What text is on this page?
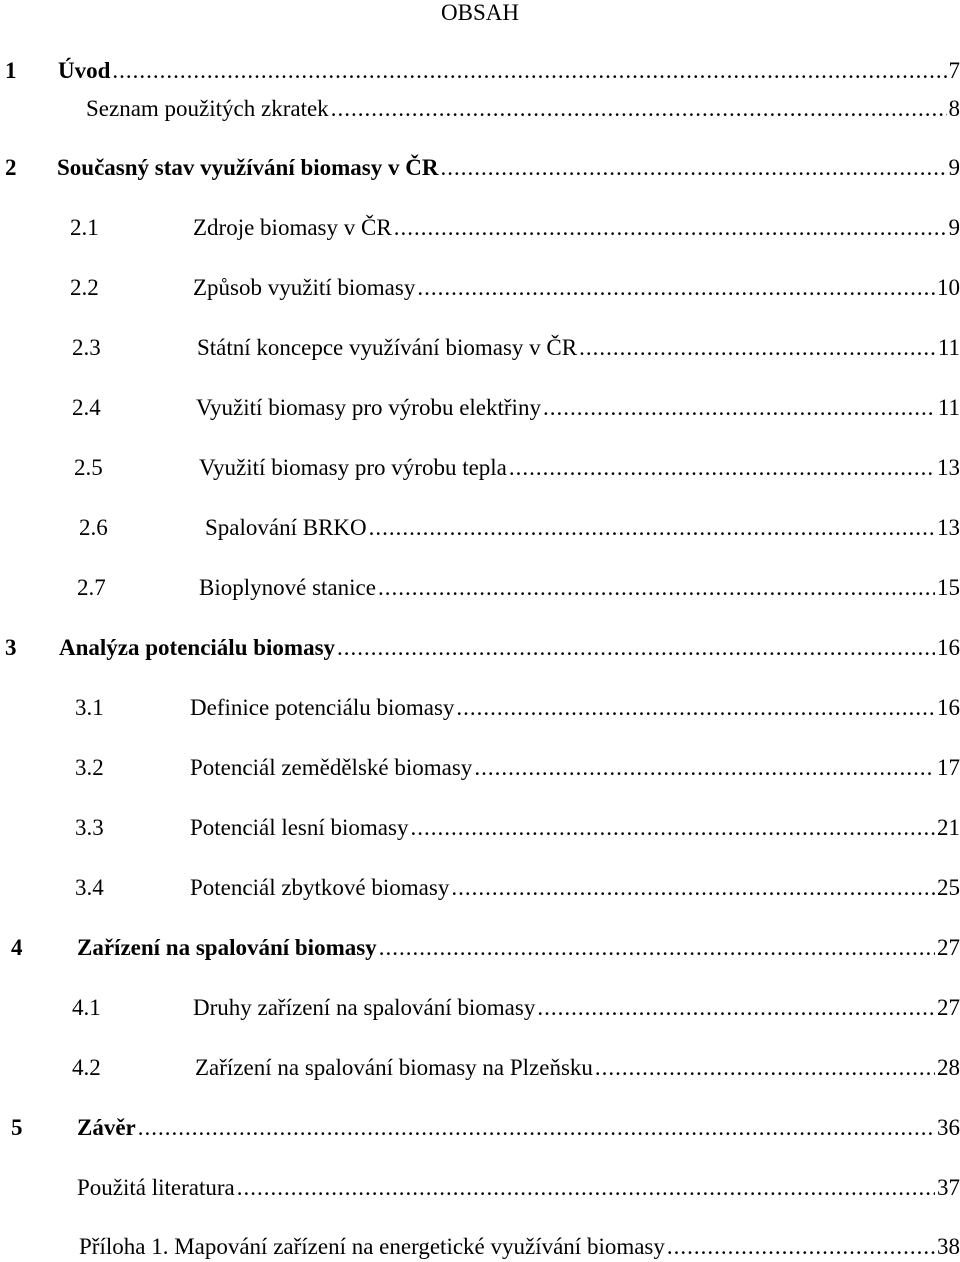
OBSAH
1 Úvod .....	7
Seznam použitých zkratek .....	8
2 Současný stav využívání biomasy v ČR .....	9
2.1	Zdroje biomasy v ČR .....	9
2.2	Způsob využití biomasy .....	10
2.3	Státní koncepce využívání biomasy v ČR .....	11
2.4	Využití biomasy pro výrobu elektřiny .....	11
2.5	Využití biomasy pro výrobu tepla .....	13
2.6	Spalování BRKO .....	13
2.7	Bioplynové stanice .....	15
3 Analýza potenciálu biomasy .....	16
3.1	Definice potenciálu biomasy .....	16
3.2	Potenciál zemědělské biomasy .....	17
3.3	Potenciál lesní biomasy .....	21
3.4	Potenciál zbytkové biomasy .....	25
4 Zařízení na spalování biomasy .....	27
4.1	Druhy zařízení na spalování biomasy .....	27
4.2	Zařízení na spalování biomasy na Plzeňsku .....	28
5 Závěr .....	36
Použitá literatura .....	37
Příloha 1. Mapování zařízení na energetické využívání biomasy .....	38
